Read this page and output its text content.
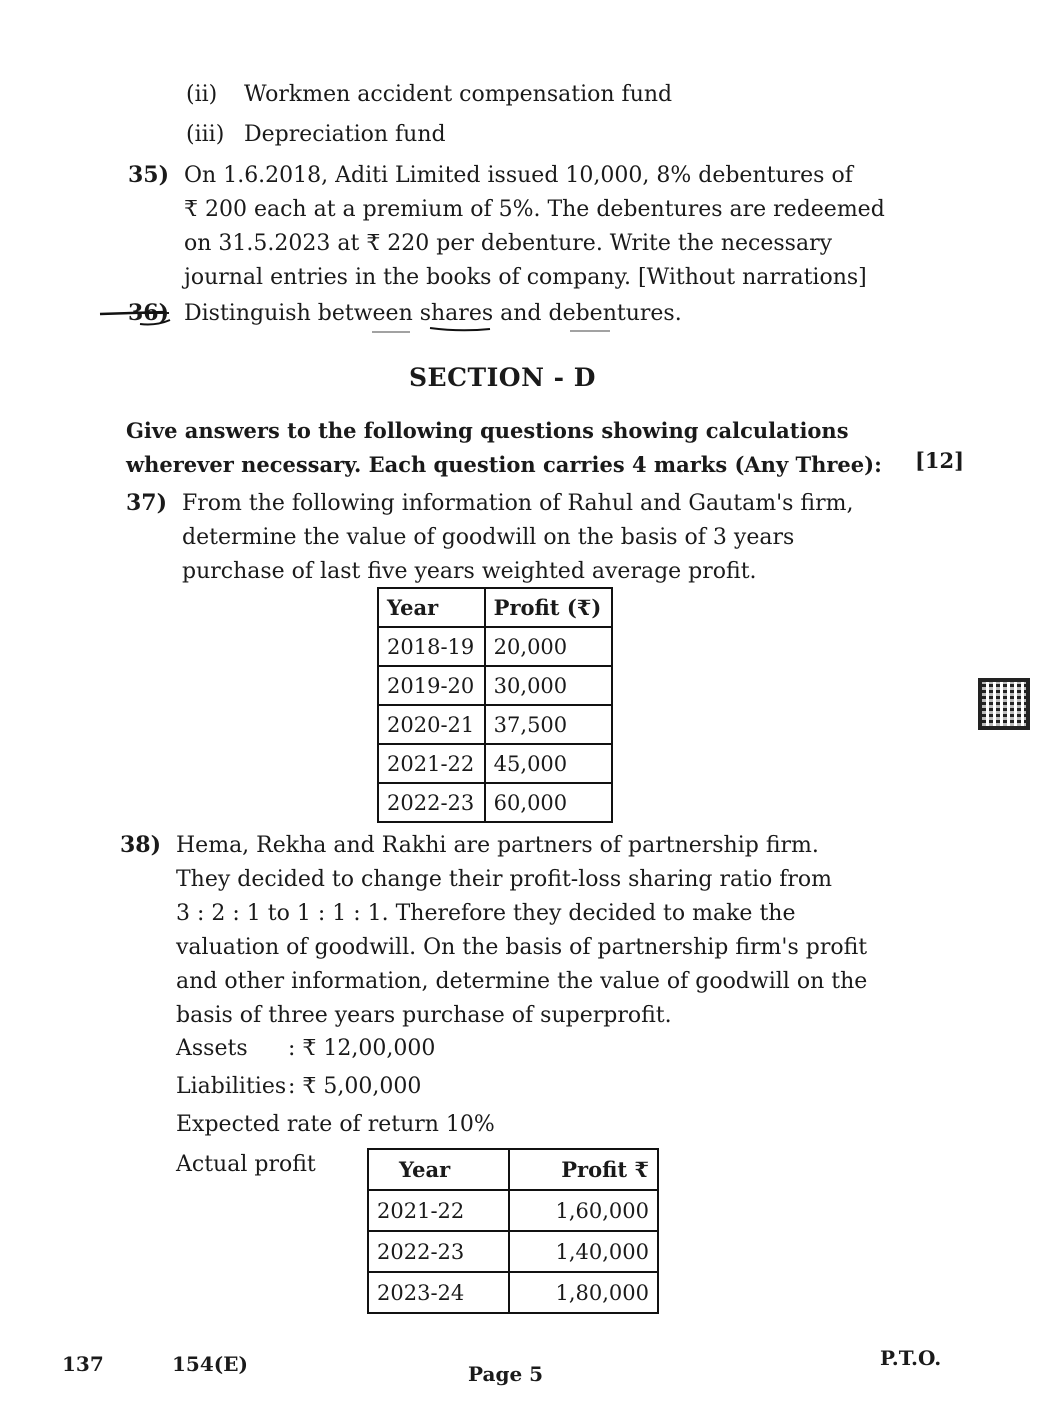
(ii) Workmen accident compensation fund
(iii) Depreciation fund
35) On 1.6.2018, Aditi Limited issued 10,000, 8% debentures of
₹ 200 each at a premium of 5%. The debentures are redeemed
on 31.5.2023 at ₹ 220 per debenture. Write the necessary
journal entries in the books of company. [Without narrations]
36) Distinguish between shares and debentures.
SECTION - D
Give answers to the following questions showing calculations
wherever necessary. Each question carries 4 marks (Any Three): [12]
37) From the following information of Rahul and Gautam's firm,
determine the value of goodwill on the basis of 3 years
purchase of last five years weighted average profit.
Year	Profit (₹)
2018-19	20,000
2019-20	30,000
2020-21	37,500
2021-22	45,000
2022-23	60,000
38) Hema, Rekha and Rakhi are partners of partnership firm.
They decided to change their profit-loss sharing ratio from
3 : 2 : 1 to 1 : 1 : 1. Therefore they decided to make the
valuation of goodwill. On the basis of partnership firm's profit
and other information, determine the value of goodwill on the
basis of three years purchase of superprofit.
Assets : ₹ 12,00,000
Liabilities: ₹ 5,00,000
Expected rate of return 10%
Actual profit	Year	Profit ₹
2021-22	1,60,000
2022-23	1,40,000
2023-24	1,80,000
137	154(E)	Page 5
P.T.O.
